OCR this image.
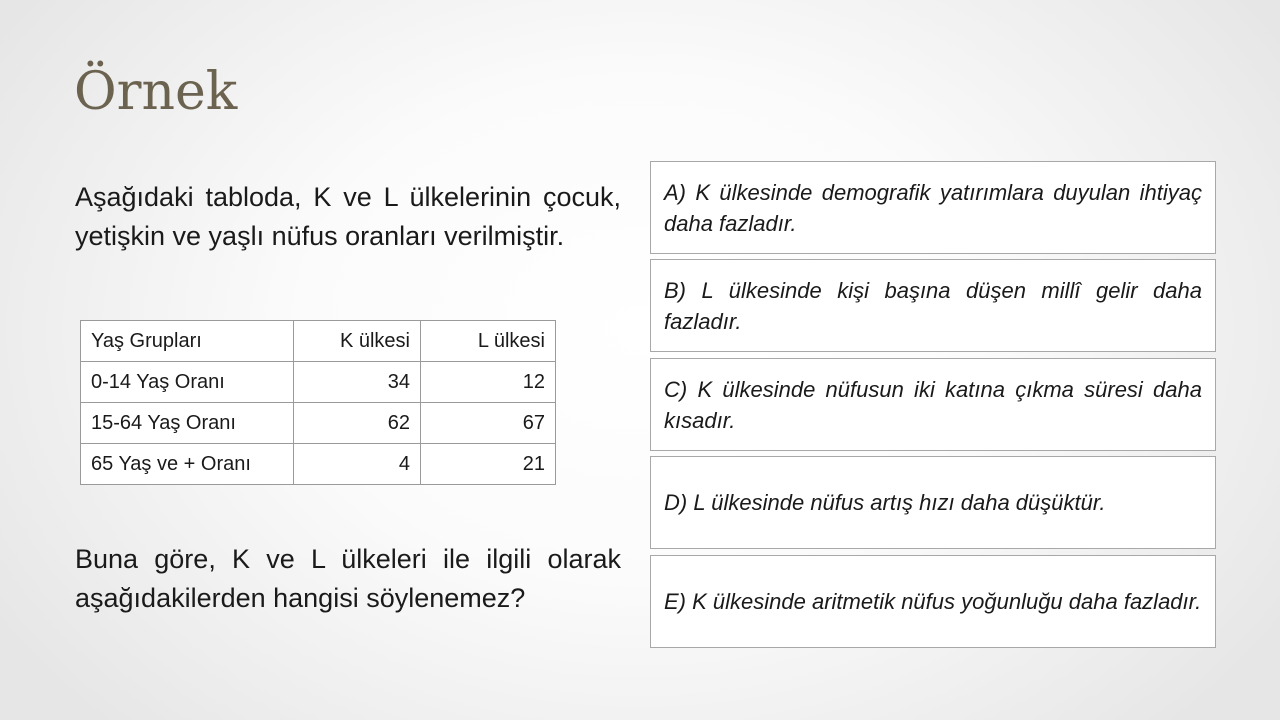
Örnek

Aşağıdaki tabloda, K ve L ülkelerinin çocuk, yetişkin ve yaşlı nüfus oranları verilmiştir.

Yaş Grupları	K ülkesi	L ülkesi
0-14 Yaş Oranı	34	12
15-64 Yaş Oranı	62	67
65 Yaş ve + Oranı	4	21

Buna göre, K ve L ülkeleri ile ilgili olarak aşağıdakilerden hangisi söylenemez?

A) K ülkesinde demografik yatırımlara duyulan ihtiyaç daha fazladır.
B) L ülkesinde kişi başına düşen millî gelir daha fazladır.
C) K ülkesinde nüfusun iki katına çıkma süresi daha kısadır.
D) L ülkesinde nüfus artış hızı daha düşüktür.
E) K ülkesinde aritmetik nüfus yoğunluğu daha fazladır.
